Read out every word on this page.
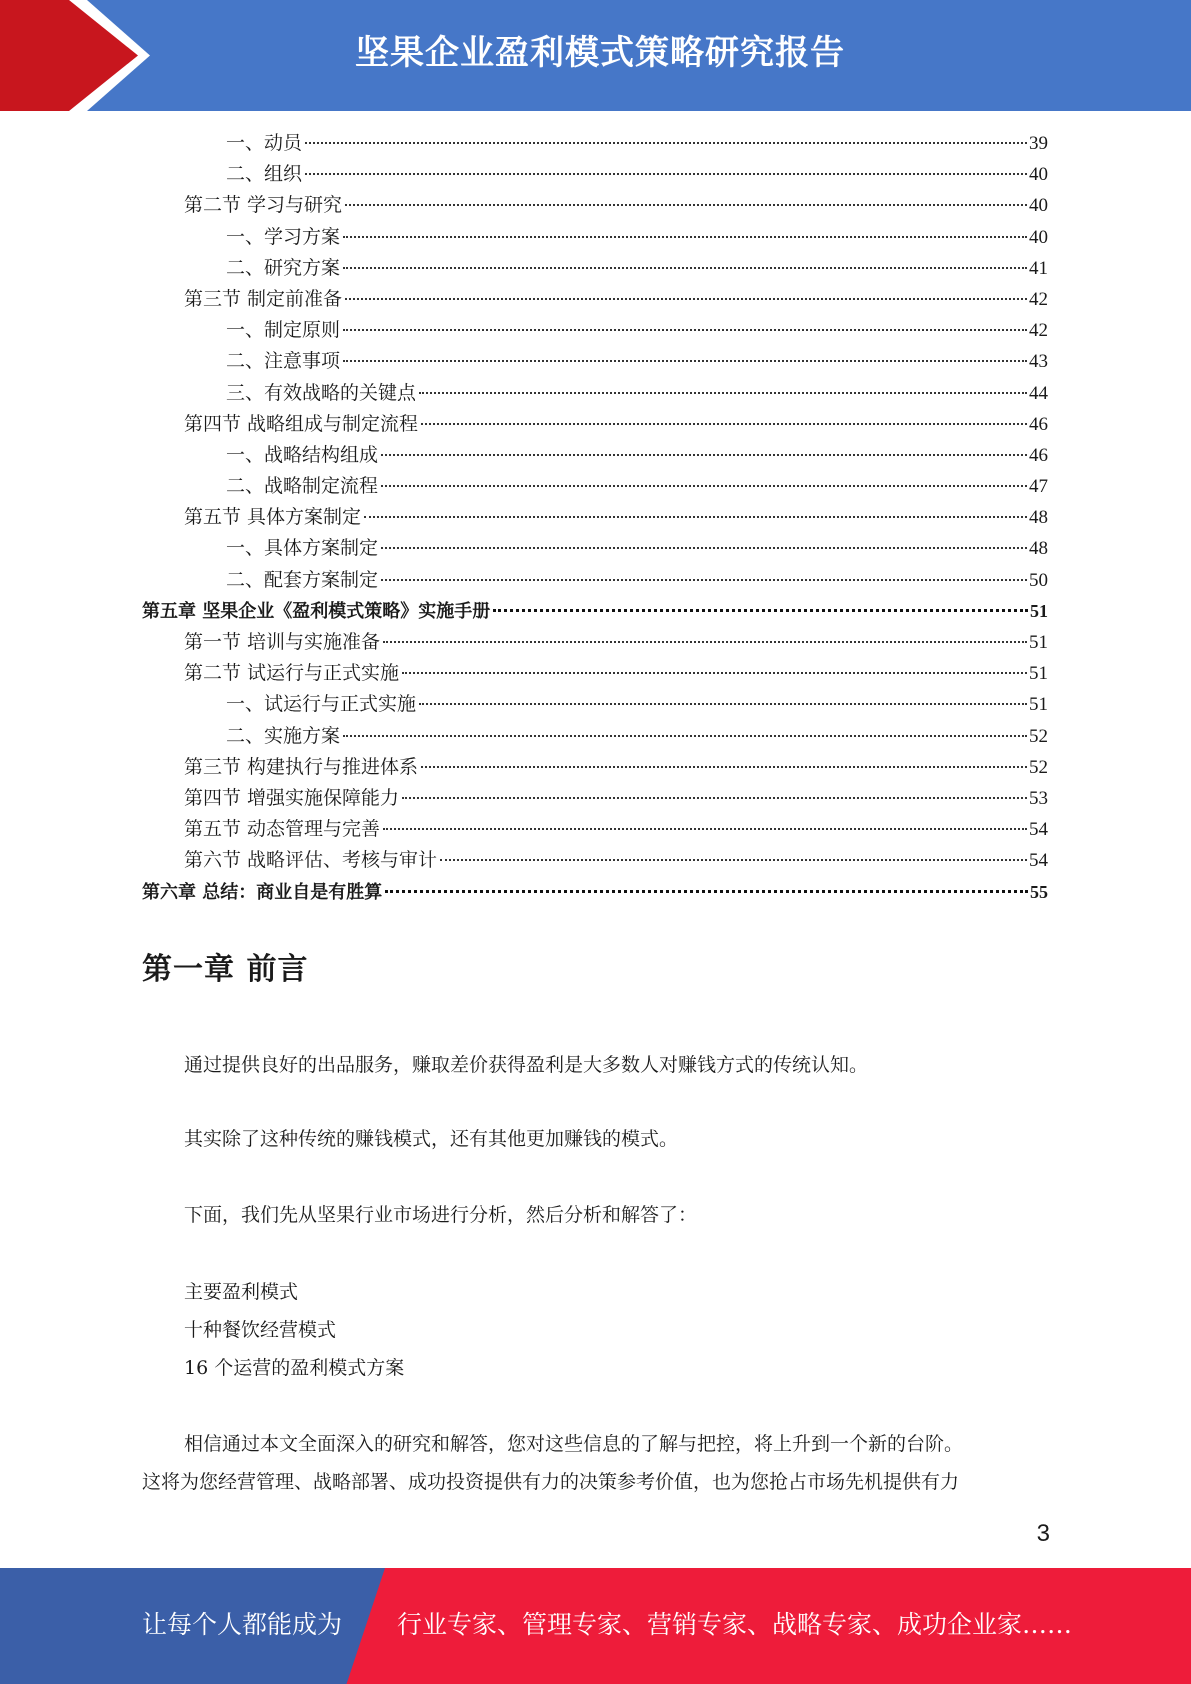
坚果企业盈利模式策略研究报告
一、动员	39
二、组织	40
第二节 学习与研究	40
一、学习方案	40
二、研究方案	41
第三节 制定前准备	42
一、制定原则	42
二、注意事项	43
三、有效战略的关键点	44
第四节 战略组成与制定流程	46
一、战略结构组成	46
二、战略制定流程	47
第五节 具体方案制定	48
一、具体方案制定	48
二、配套方案制定	50
第五章 坚果企业《盈利模式策略》实施手册	51
第一节 培训与实施准备	51
第二节 试运行与正式实施	51
一、试运行与正式实施	51
二、实施方案	52
第三节 构建执行与推进体系	52
第四节 增强实施保障能力	53
第五节 动态管理与完善	54
第六节 战略评估、考核与审计	54
第六章 总结：商业自是有胜算	55
第一章 前言

通过提供良好的出品服务，赚取差价获得盈利是大多数人对赚钱方式的传统认知。

其实除了这种传统的赚钱模式，还有其他更加赚钱的模式。

下面，我们先从坚果行业市场进行分析，然后分析和解答了：

主要盈利模式

十种餐饮经营模式

16 个运营的盈利模式方案

相信通过本文全面深入的研究和解答，您对这些信息的了解与把控，将上升到一个新的台阶。

这将为您经营管理、战略部署、成功投资提供有力的决策参考价值，也为您抢占市场先机提供有力

3
让每个人都能成为 行业专家、管理专家、营销专家、战略专家、成功企业家……
